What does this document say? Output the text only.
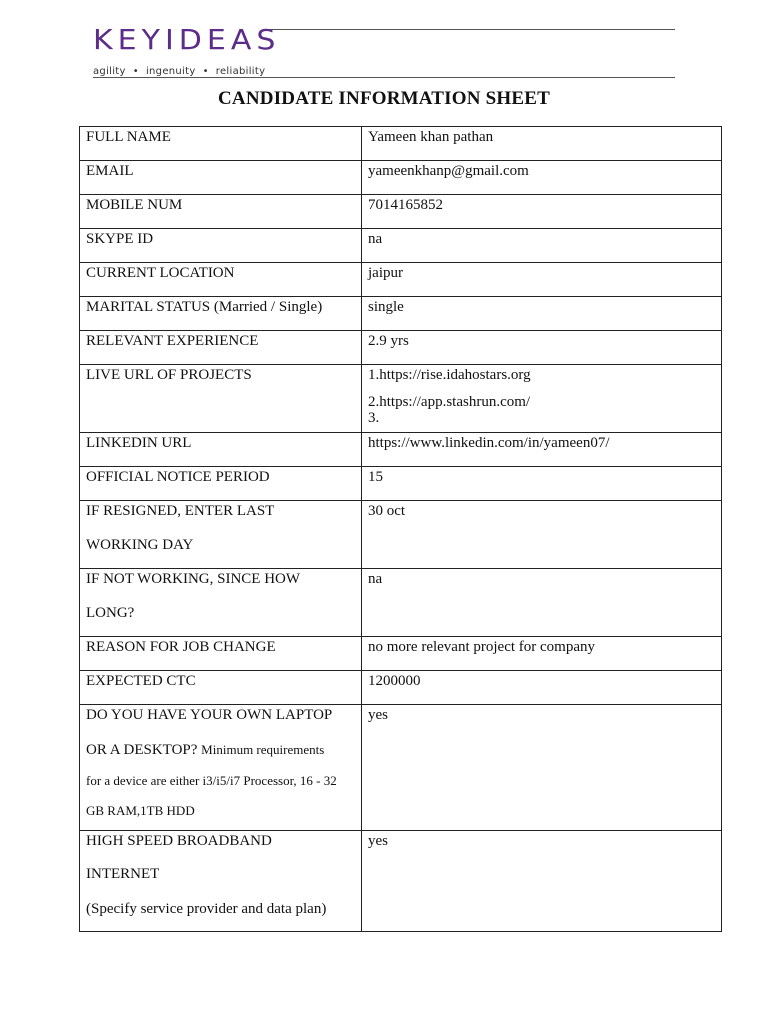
KEYIDEAS
agility • ingenuity • reliability
CANDIDATE INFORMATION SHEET
FULL NAME	Yameen khan pathan

EMAIL	yameenkhanp@gmail.com

MOBILE NUM	7014165852

SKYPE ID	na

CURRENT LOCATION	jaipur

MARITAL STATUS (Married / Single)	single

RELEVANT EXPERIENCE	2.9 yrs

LIVE URL OF PROJECTS	1.https://rise.idahostars.org
2.https://app.stashrun.com/
3.

LINKEDIN URL	https://www.linkedin.com/in/yameen07/

OFFICIAL NOTICE PERIOD	15

IF RESIGNED, ENTER LAST
WORKING DAY	30 oct

IF NOT WORKING, SINCE HOW
LONG?	na

REASON FOR JOB CHANGE	no more relevant project for company

EXPECTED CTC	1200000

DO YOU HAVE YOUR OWN LAPTOP
OR A DESKTOP? Minimum requirements
for a device are either i3/i5/i7 Processor, 16 - 32
GB RAM,1TB HDD	yes

HIGH SPEED BROADBAND
INTERNET
(Specify service provider and data plan)	yes
